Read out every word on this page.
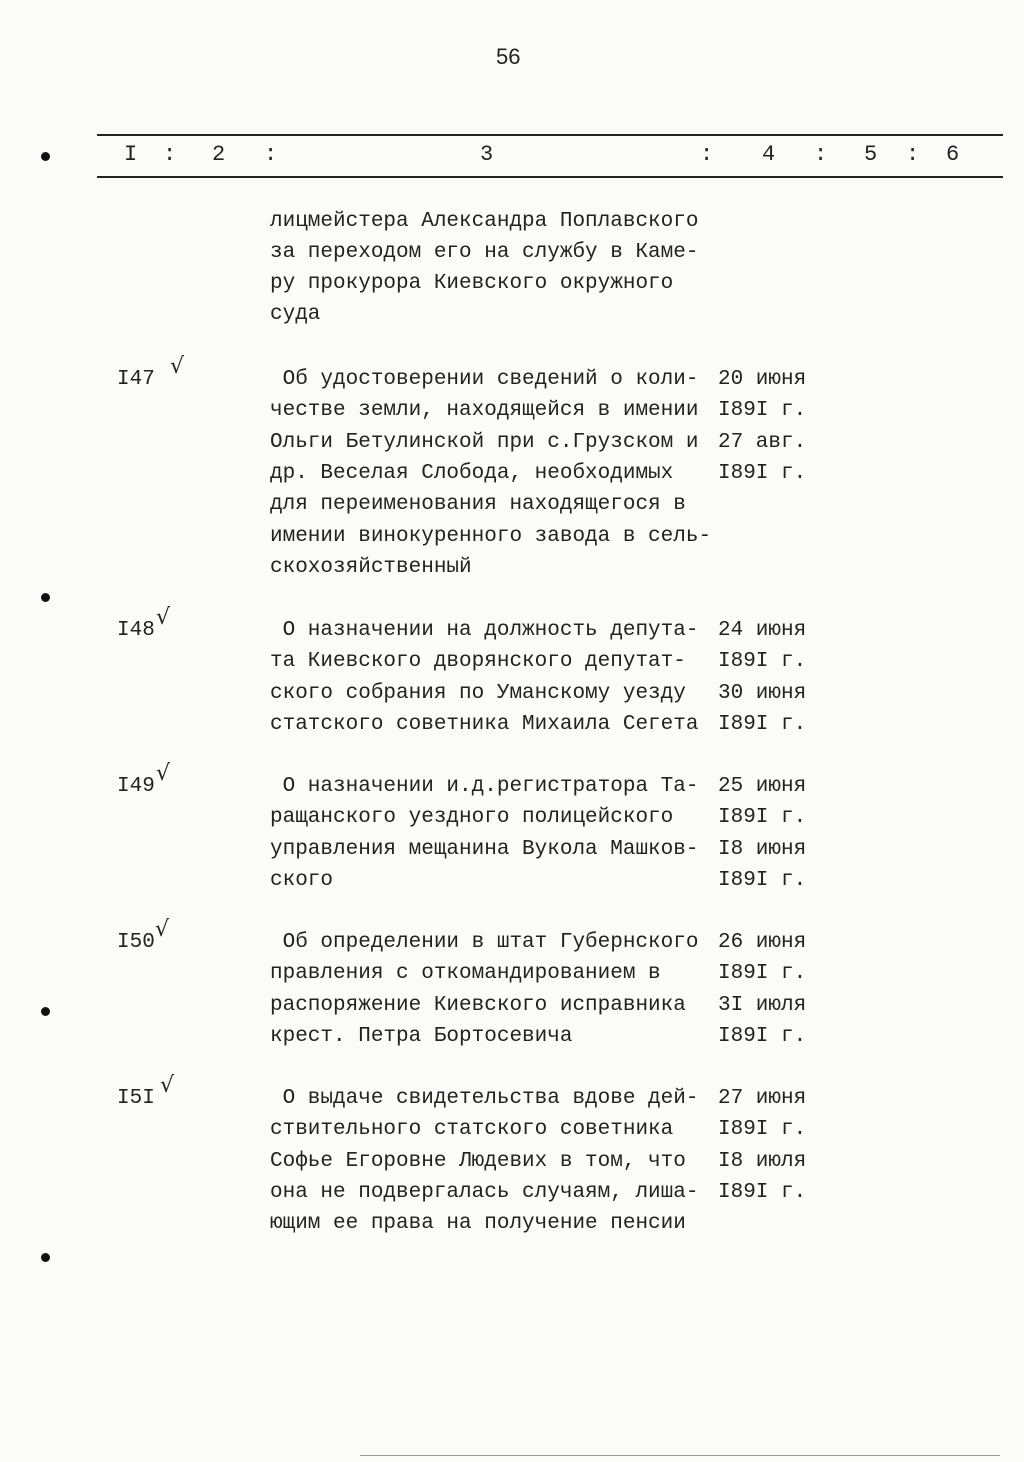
56
I : 2 :	3	: 4 : 5 : 6
лицмейстера Александра Поплавского
за переходом его на службу в Каме-
ру прокурора Киевского окружного
суда
I47
√
Об удостоверении сведений о коли-
честве земли, находящейся в имении
Ольги Бетулинской при с.Грузском и
др. Веселая Слобода, необходимых
для переименования находящегося в
имении винокуренного завода в сель-
скохозяйственный
20 июня
I89I г.
27 авг.
I89I г.
I48
√
О назначении на должность депута-
та Киевского дворянского депутат-
ского собрания по Уманскому уезду
статского советника Михаила Сегета
24 июня
I89I г.
30 июня
I89I г.
I49
√
О назначении и.д.регистратора Та-
ращанского уездного полицейского
управления мещанина Вукола Машков-
ского
25 июня
I89I г.
I8 июня
I89I г.
I50
√
Об определении в штат Губернского
правления с откомандированием в
распоряжение Киевского исправника
крест. Петра Бортосевича
26 июня
I89I г.
3I июля
I89I г.
I5I
√
О выдаче свидетельства вдове дей-
ствительного статского советника
Софье Егоровне Людевих в том, что
она не подвергалась случаям, лиша-
ющим ее права на получение пенсии
27 июня
I89I г.
I8 июля
I89I г.
